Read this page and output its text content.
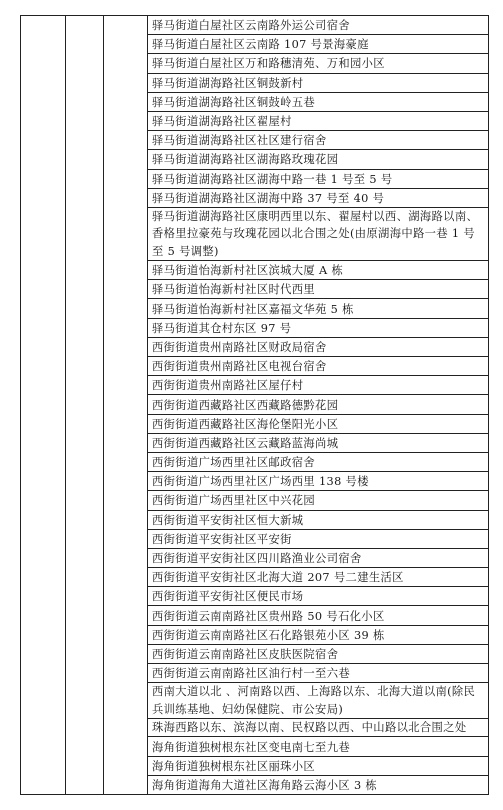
			驿马街道白屋社区云南路外运公司宿舍
驿马街道白屋社区云南路 107 号景海豪庭
驿马街道白屋社区万和路穗清苑、万和园小区
驿马街道湖海路社区铜鼓新村
驿马街道湖海路社区铜鼓岭五巷
驿马街道湖海路社区翟屋村
驿马街道湖海路社区社区建行宿舍
驿马街道湖海路社区湖海路玫瑰花园
驿马街道湖海路社区湖海中路一巷 1 号至 5 号
驿马街道湖海路社区湖海中路 37 号至 40 号
驿马街道湖海路社区康明西里以东、翟屋村以西、湖海路以南、香格里拉豪苑与玫瑰花园以北合围之处(由原湖海中路一巷 1 号至 5 号调整)
驿马街道怡海新村社区滨城大厦 A 栋
驿马街道怡海新村社区时代西里
驿马街道怡海新村社区嘉福文华苑 5 栋
驿马街道其仓村东区 97 号
西街街道贵州南路社区财政局宿舍
西街街道贵州南路社区电视台宿舍
西街街道贵州南路社区屋仔村
西街街道西藏路社区西藏路德黔花园
西街街道西藏路社区海伦堡阳光小区
西街街道西藏路社区云藏路蓝海尚城
西街街道广场西里社区邮政宿舍
西街街道广场西里社区广场西里 138 号楼
西街街道广场西里社区中兴花园
西街街道平安街社区恒大新城
西街街道平安街社区平安街
西街街道平安街社区四川路渔业公司宿舍
西街街道平安街社区北海大道 207 号二建生活区
西街街道平安街社区便民市场
西街街道云南南路社区贵州路 50 号石化小区
西街街道云南南路社区石化路银苑小区 39 栋
西街街道云南南路社区皮肤医院宿舍
西街街道云南南路社区油行村一至六巷
西南大道以北 、河南路以西、上海路以东、北海大道以南(除民兵训练基地、妇幼保健院、市公安局)
珠海西路以东、滨海以南、民权路以西、中山路以北合围之处
海角街道独树根东社区变电南七至九巷
海角街道独树根东社区丽珠小区
海角街道海角大道社区海角路云海小区 3 栋
